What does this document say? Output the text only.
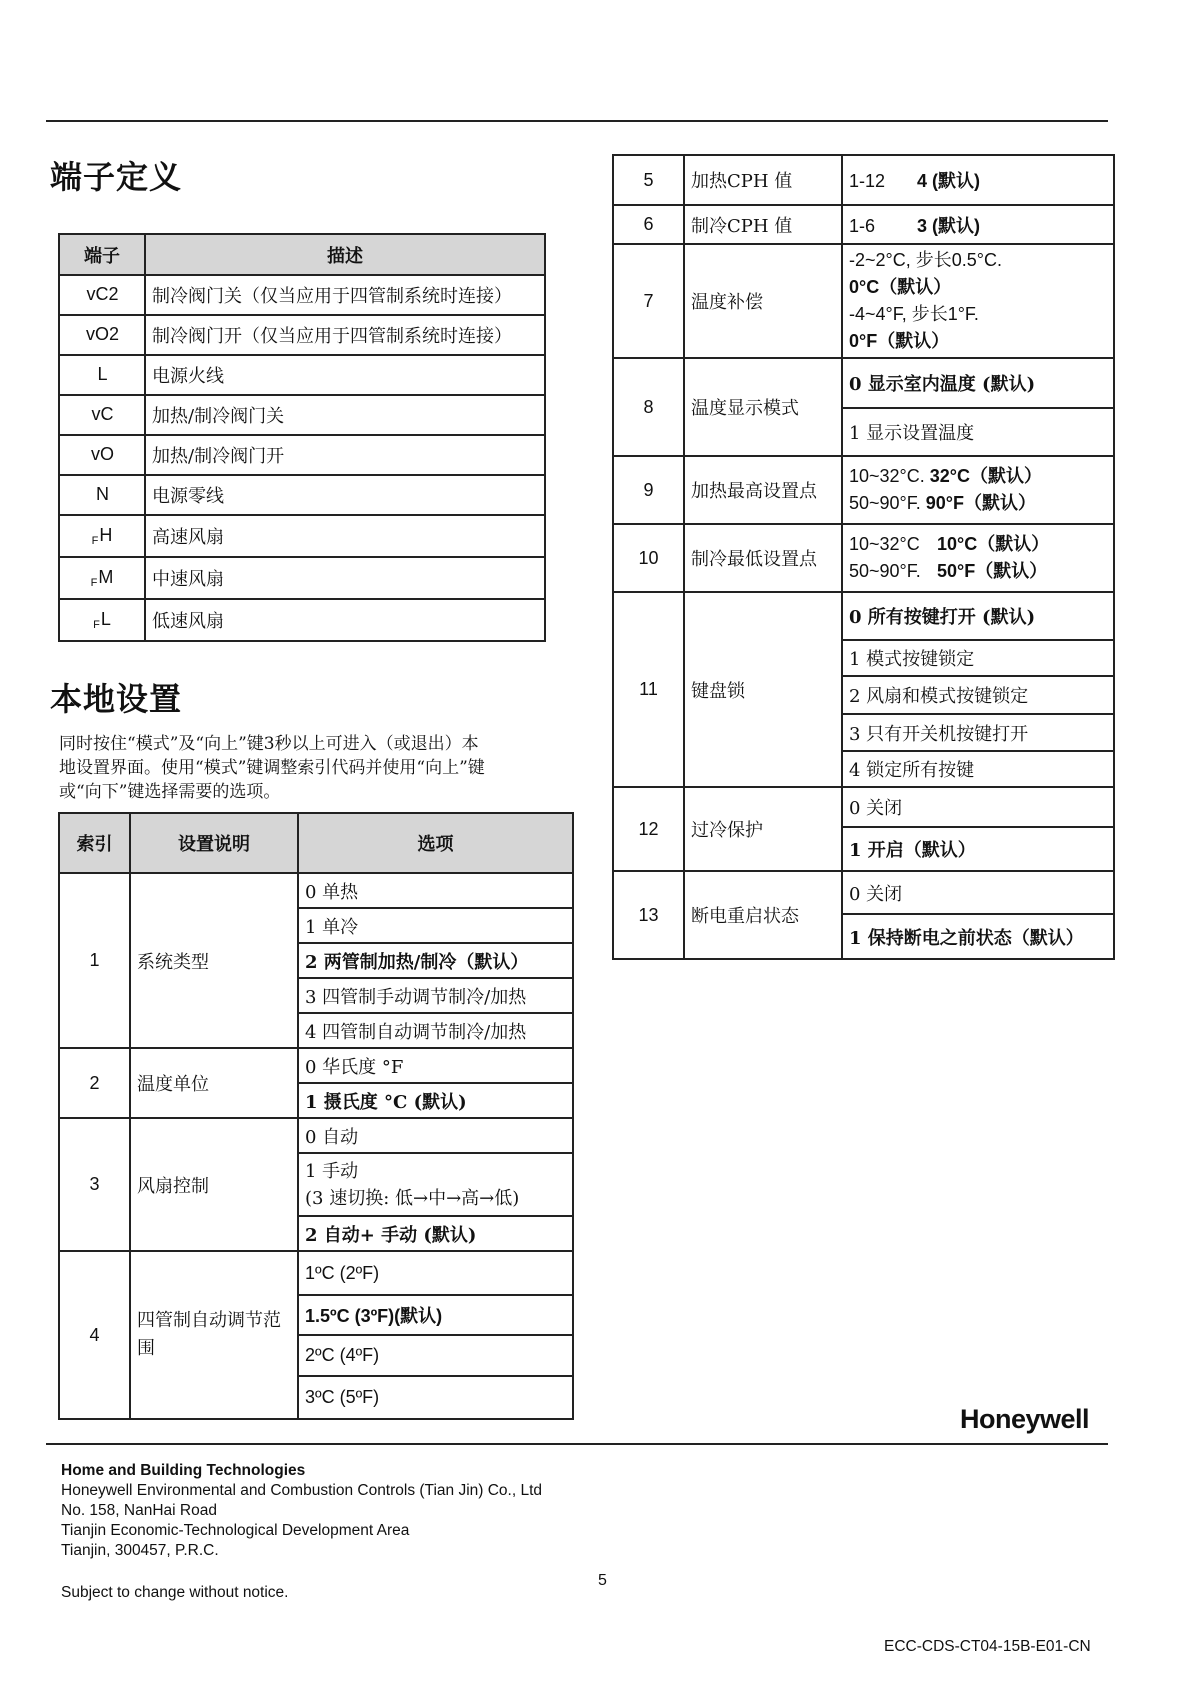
端子定义
端子	描述
vC2	制冷阀门关（仅当应用于四管制系统时连接）
vO2	制冷阀门开（仅当应用于四管制系统时连接）
L	电源火线
vC	加热/制冷阀门关
vO	加热/制冷阀门开
N	电源零线
$_F$H	高速风扇
$_F$M	中速风扇
$_F$L	低速风扇
本地设置
同时按住“模式”及“向上”键3秒以上可进入（或退出）本
地设置界面。使用“模式”键调整索引代码并使用“向上”键
或“向下”键选择需要的选项。
索引	设置说明	选项
1	系统类型	0 单热
		1 单冷
		2 两管制加热/制冷（默认）
		3 四管制手动调节制冷/加热
		4 四管制自动调节制冷/加热
2	温度单位	0 华氏度 °F
		1 摄氏度 °C (默认)
3	风扇控制	0 自动

		1 手动
(3 速切换: 低→中→高→低)

		2 自动+ 手动 (默认)
4	四管制自动调节范围	1ºC (2ºF)
		1.5ºC (3ºF)(默认)
		2ºC (4ºF)
		3ºC (5ºF)
5	加热CPH 值	1-12 4 (默认)
6	制冷CPH 值	1-6 3 (默认)
7	温度补偿	-2~2°C, 步长0.5°C.
0°C（默认）
-4~4°F, 步长1°F.
0°F（默认）

8	温度显示模式	0 显示室内温度 (默认)
		1 显示设置温度
9	加热最高设置点	10~32°C. 32°C（默认）
50~90°F. 90°F（默认）

10	制冷最低设置点	10~32°C 10°C（默认）
50~90°F. 50°F（默认）

11	键盘锁	0 所有按键打开 (默认)
		1 模式按键锁定
		2 风扇和模式按键锁定
		3 只有开关机按键打开
		4 锁定所有按键
12	过冷保护	0 关闭
		1 开启（默认）
13	断电重启状态	0 关闭
		1 保持断电之前状态（默认）
Honeywell
Home and Building Technologies
Honeywell Environmental and Combustion Controls (Tian Jin) Co., Ltd
No. 158, NanHai Road
Tianjin Economic-Technological Development Area
Tianjin, 300457, P.R.C.
Subject to change without notice.
5
ECC-CDS-CT04-15B-E01-CN
